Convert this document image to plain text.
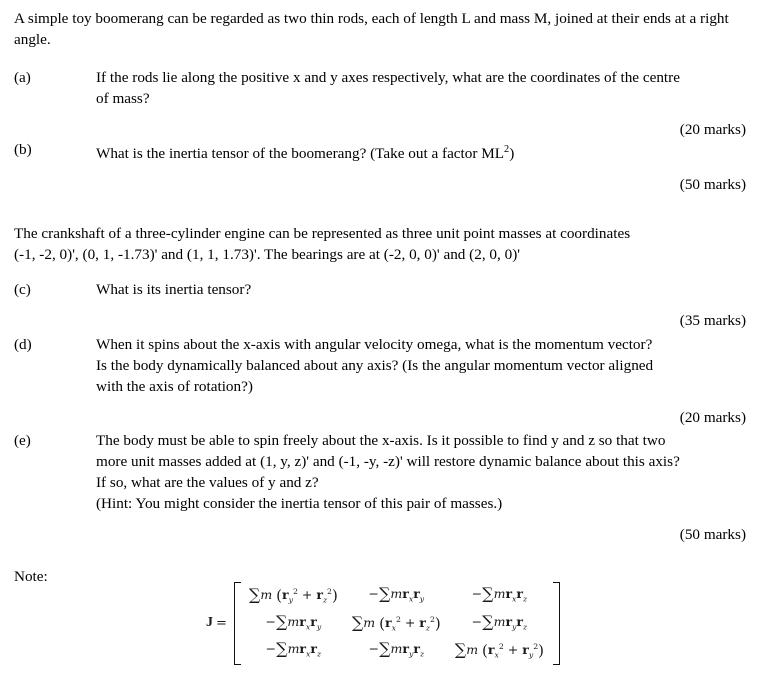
A simple toy boomerang can be regarded as two thin rods, each of length L and mass M, joined at their ends at a right angle.
(a)	If the rods lie along the positive x and y axes respectively, what are the coordinates of the centre
of mass?
(20 marks)
(b)	What is the inertia tensor of the boomerang? (Take out a factor $ML^2$)
(50 marks)
The crankshaft of a three-cylinder engine can be represented as three unit point masses at coordinates
(-1, -2, 0)', (0, 1, -1.73)' and (1, 1, 1.73)'. The bearings are at (-2, 0, 0)' and (2, 0, 0)'
(c)	What is its inertia tensor?
(35 marks)
(d)	When it spins about the x-axis with angular velocity omega, what is the momentum vector?
Is the body dynamically balanced about any axis? (Is the angular momentum vector aligned
with the axis of rotation?)
(20 marks)
(e)	The body must be able to spin freely about the x-axis. Is it possible to find y and z so that two
more unit masses added at (1, y, z)' and (-1, -y, -z)' will restore dynamic balance about this axis?
If so, what are the values of y and z?
(Hint: You might consider the inertia tensor of this pair of masses.)
(50 marks)
Note:
J =
∑m $(r_y^2 + r_z^2)$	$-\sum mr_xr_y$	$-\sum mr_xr_z$
$-\sum mr_xr_y$	∑m $(r_x^2 + r_z^2)$	$-\sum mr_yr_z$
$-\sum mr_xr_z$	$-\sum mr_yr_z$	∑m $(r_x^2 + r_y^2)$
